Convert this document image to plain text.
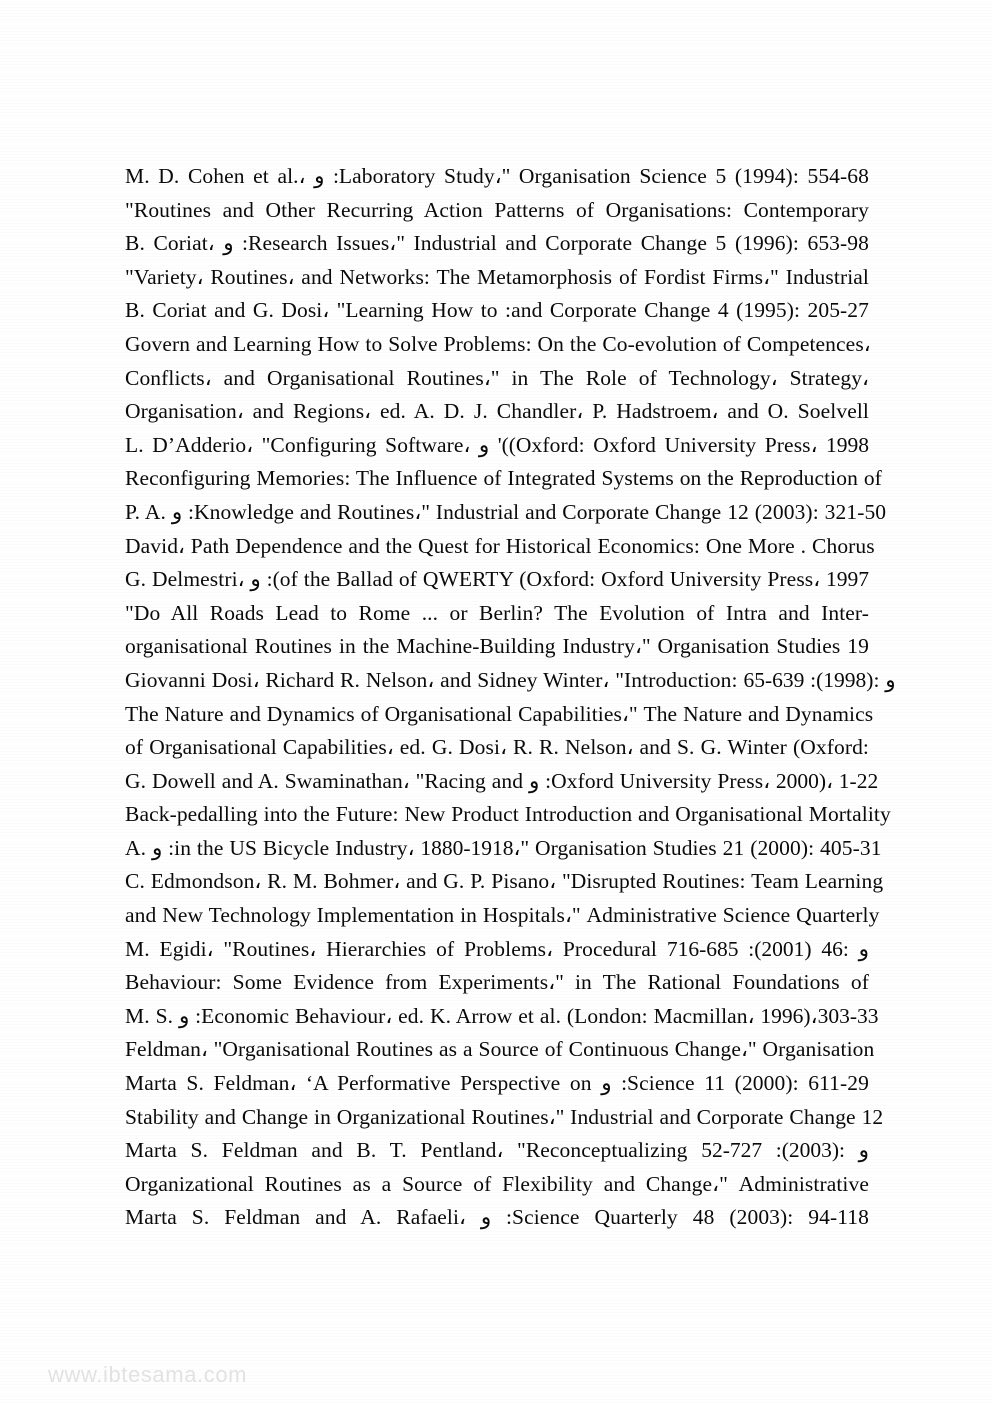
M. D. Cohen et al.، و :Laboratory Study،" Organisation Science 5 (1994): 554-68
"Routines and Other Recurring Action Patterns of Organisations: Contemporary
B. Coriat، و :Research Issues،" Industrial and Corporate Change 5 (1996): 653-98
"Variety، Routines، and Networks: The Metamorphosis of Fordist Firms،" Industrial
B. Coriat and G. Dosi، "Learning How to :and Corporate Change 4 (1995): 205-27
Govern and Learning How to Solve Problems: On the Co-evolution of Competences،
Conflicts، and Organisational Routines،" in The Role of Technology، Strategy،
Organisation، and Regions، ed. A. D. J. Chandler، P. Hadstroem، and O. Soelvell
L. D’Adderio، "Configuring Software، و '((Oxford: Oxford University Press، 1998
Reconfiguring Memories: The Influence of Integrated Systems on the Reproduction of
P. A. و :Knowledge and Routines،" Industrial and Corporate Change 12 (2003): 321-50
David، Path Dependence and the Quest for Historical Economics: One More . Chorus
G. Delmestri، و :(of the Ballad of QWERTY (Oxford: Oxford University Press، 1997
"Do All Roads Lead to Rome ... or Berlin? The Evolution of Intra and Inter-
organisational Routines in the Machine-Building Industry،" Organisation Studies 19
Giovanni Dosi، Richard R. Nelson، and Sidney Winter، "Introduction: و :(1998): 639-65
The Nature and Dynamics of Organisational Capabilities،" The Nature and Dynamics
of Organisational Capabilities، ed. G. Dosi، R. R. Nelson، and S. G. Winter (Oxford:
G. Dowell and A. Swaminathan، "Racing and و :Oxford University Press، 2000)، 1-22
Back-pedalling into the Future: New Product Introduction and Organisational Mortality
A. و :in the US Bicycle Industry، 1880-1918،" Organisation Studies 21 (2000): 405-31
C. Edmondson، R. M. Bohmer، and G. P. Pisano، "Disrupted Routines: Team Learning
and New Technology Implementation in Hospitals،" Administrative Science Quarterly
M. Egidi، "Routines، Hierarchies of Problems، Procedural و :46 (2001): 685-716
Behaviour: Some Evidence from Experiments،" in The Rational Foundations of
M. S. و :Economic Behaviour، ed. K. Arrow et al. (London: Macmillan، 1996)،303-33
Feldman، "Organisational Routines as a Source of Continuous Change،" Organisation
Marta S. Feldman، ‘A Performative Perspective on و :Science 11 (2000): 611-29
Stability and Change in Organizational Routines،" Industrial and Corporate Change 12
Marta S. Feldman and B. T. Pentland، "Reconceptualizing و :(2003): 727-52
Organizational Routines as a Source of Flexibility and Change،" Administrative
Marta S. Feldman and A. Rafaeli، و :Science Quarterly 48 (2003): 94-118
www.ibtesama.com
